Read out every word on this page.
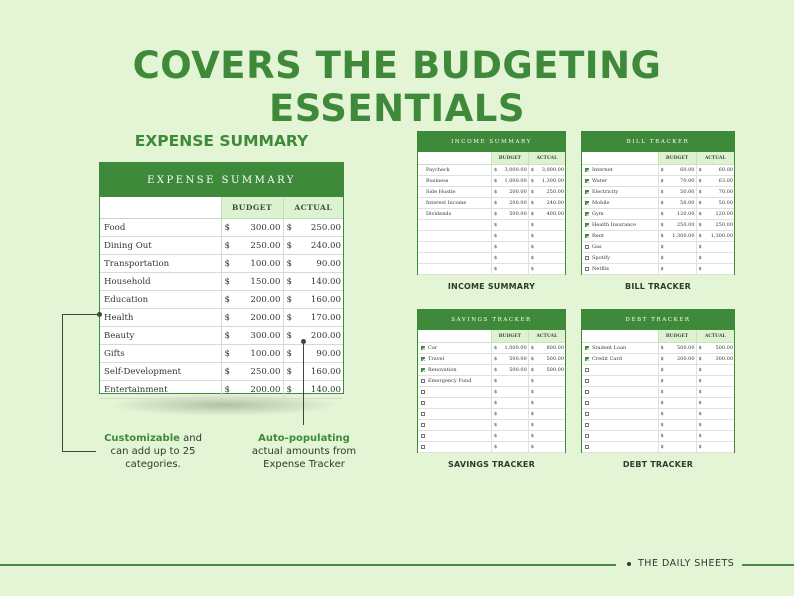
COVERS THE BUDGETING ESSENTIALS
EXPENSE SUMMARY
EXPENSE SUMMARY
	BUDGET	ACTUAL
Food	$ 300.00	$ 250.00

Dining Out	$ 250.00	$ 240.00

Transportation	$ 100.00	$ 90.00

Household	$ 150.00	$ 140.00

Education	$ 200.00	$ 160.00

Health	$ 200.00	$ 170.00

Beauty	$ 300.00	$ 200.00

Gifts	$ 100.00	$ 90.00

Self-Development	$ 250.00	$ 160.00

Entertainment	$ 200.00	$ 140.00
Customizable and
can add up to 25
categories.
Auto-populating
actual amounts from
Expense Tracker
INCOME SUMMARY
	BUDGET	ACTUAL
Paycheck	$ 3,000.00	$ 3,000.00

Business	$ 1,000.00	$ 1,300.00

Side Hustle	$ 200.00	$ 250.00

Interest Income	$ 200.00	$ 240.00

Dividends	$ 500.00	$ 400.00

	$	$

	$	$

	$	$

	$	$

	$	$
INCOME SUMMARY
BILL TRACKER
	BUDGET	ACTUAL
Internet	$ 60.00	$ 60.00

Water	$ 70.00	$ 63.00

Electricity	$ 50.00	$ 70.00

Mobile	$ 50.00	$ 50.00

Gym	$ 120.00	$ 120.00

Health Insurance	$ 250.00	$ 250.00

Rent	$ 1,300.00	$ 1,300.00

Gas	$	$

Spotify	$	$

Netflix	$	$
BILL TRACKER
SAVINGS TRACKER
	BUDGET	ACTUAL
Car	$ 1,000.00	$ 800.00

Travel	$ 500.00	$ 500.00

Renovation	$ 500.00	$ 500.00

Emergency Fund	$	$

	$	$

	$	$

	$	$

	$	$

	$	$

	$	$
SAVINGS TRACKER
DEBT TRACKER
	BUDGET	ACTUAL
Student Loan	$ 500.00	$ 500.00

Credit Card	$ 200.00	$ 300.00

	$	$

	$	$

	$	$

	$	$

	$	$

	$	$

	$	$

	$	$
DEBT TRACKER
THE DAILY SHEETS
